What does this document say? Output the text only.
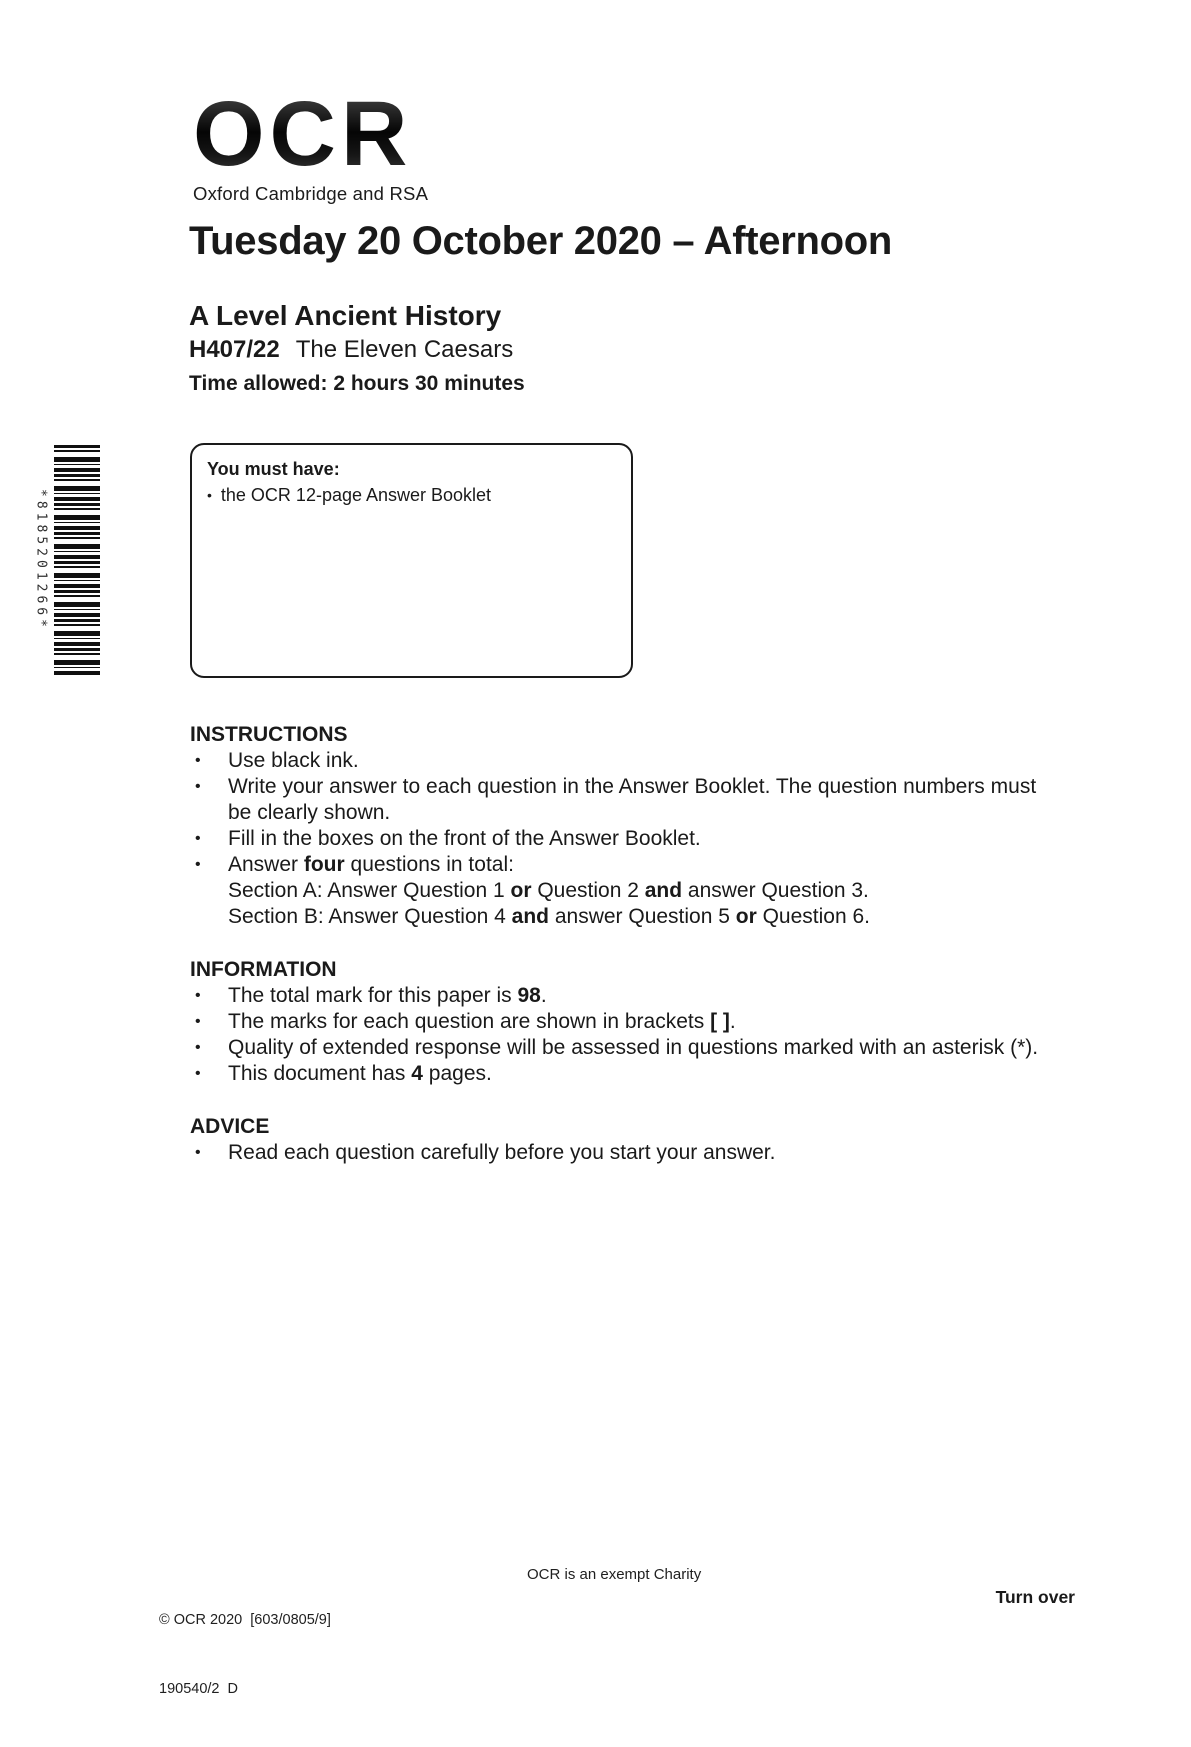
OCR
Oxford Cambridge and RSA
Tuesday 20 October 2020 – Afternoon
A Level Ancient History
H407/22 The Eleven Caesars
Time allowed: 2 hours 30 minutes
*8185201266*
You must have:
• the OCR 12-page Answer Booklet
INSTRUCTIONS
• Use black ink.
• Write your answer to each question in the Answer Booklet. The question numbers must be clearly shown.
• Fill in the boxes on the front of the Answer Booklet.
• Answer four questions in total:
Section A: Answer Question 1 or Question 2 and answer Question 3.
Section B: Answer Question 4 and answer Question 5 or Question 6.
INFORMATION
• The total mark for this paper is 98.
• The marks for each question are shown in brackets [ ].
• Quality of extended response will be assessed in questions marked with an asterisk (*).
• This document has 4 pages.
ADVICE
• Read each question carefully before you start your answer.

© OCR 2020  [603/0805/9]

190540/2  D

OCR is an exempt Charity
Turn over
